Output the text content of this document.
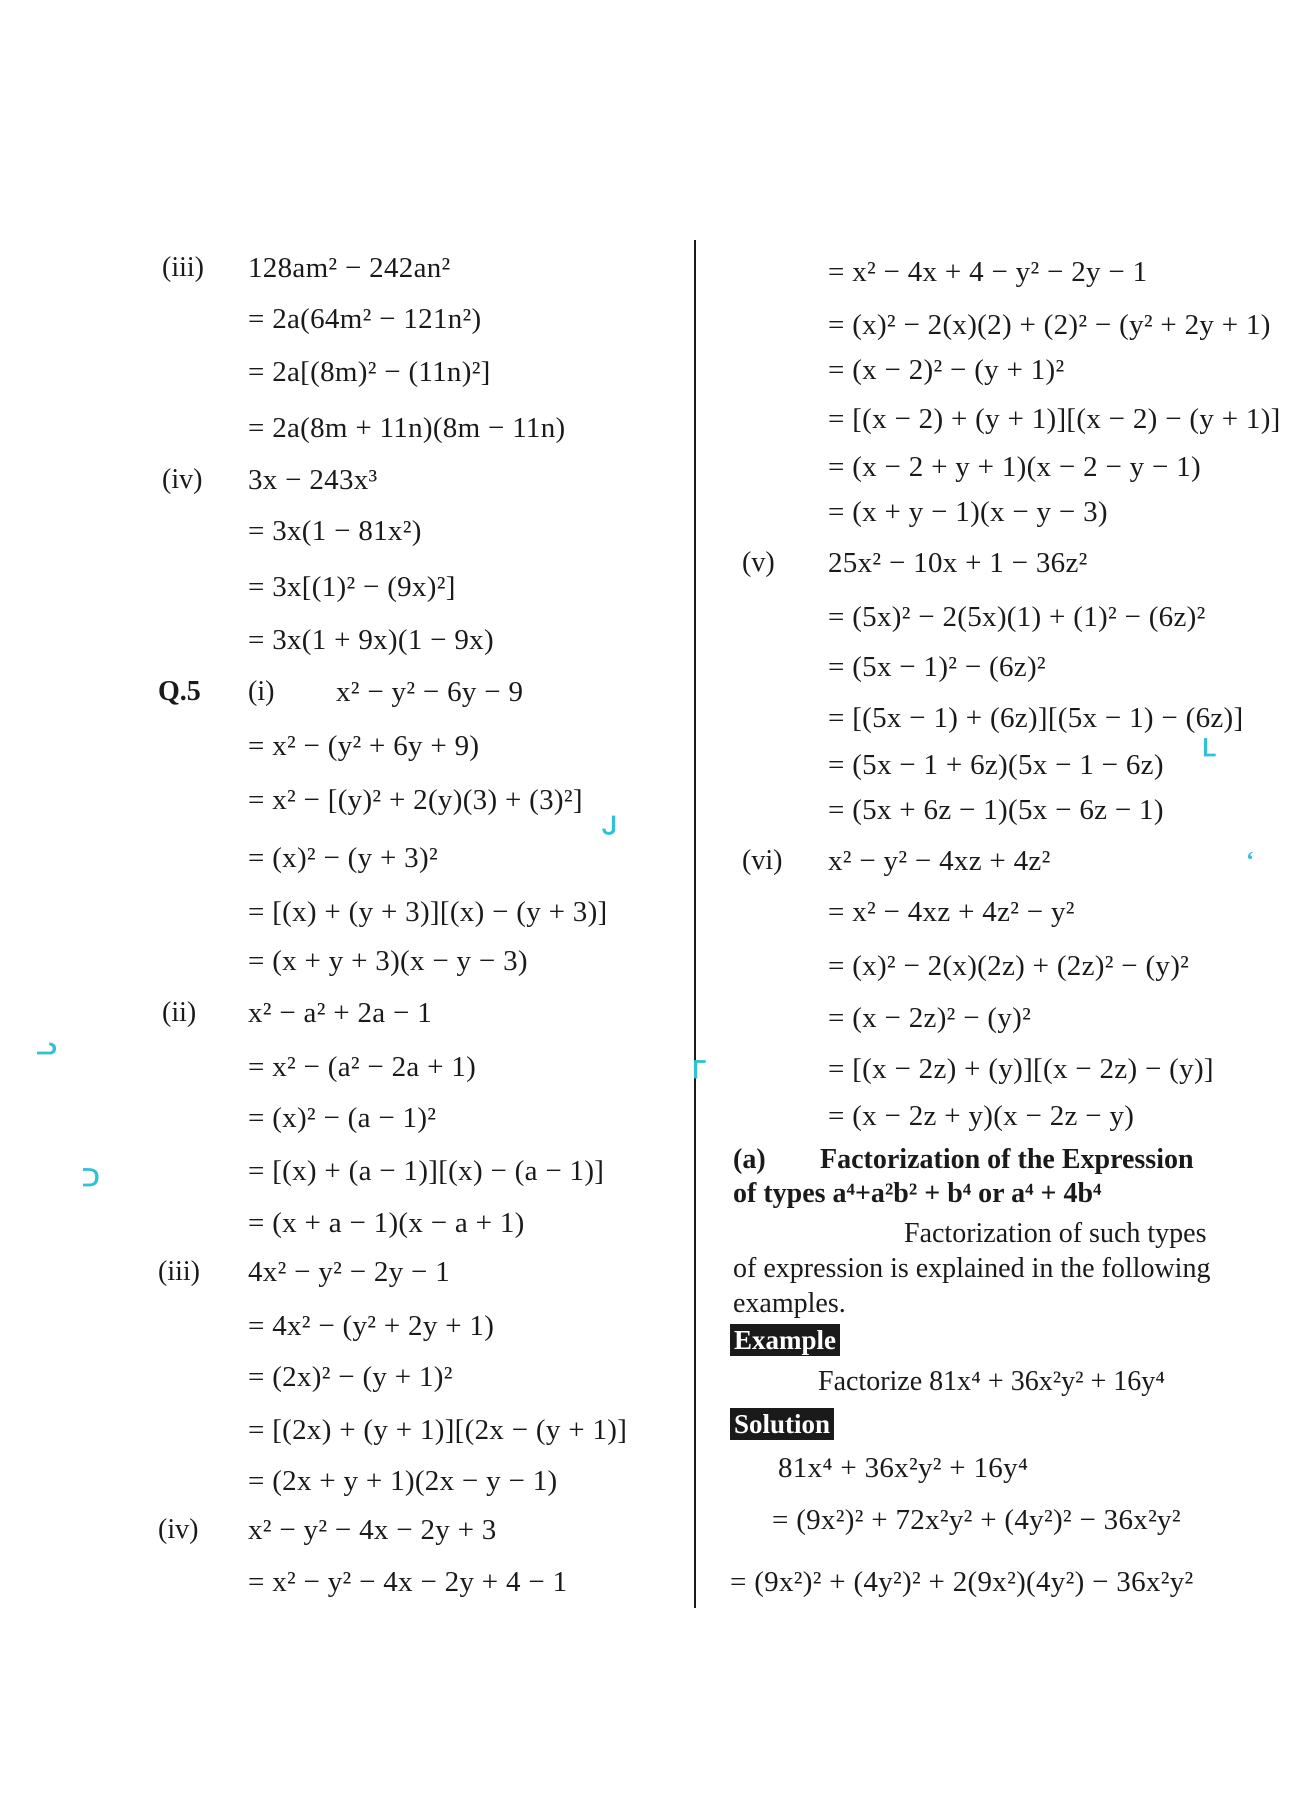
(iii) 128am² − 242an²
= 2a(64m² − 121n²)
= 2a[(8m)² − (11n)²]
= 2a(8m + 11n)(8m − 11n)
(iv) 3x − 243x³
= 3x(1 − 81x²)
= 3x[(1)² − (9x)²]
= 3x(1 + 9x)(1 − 9x)
Q.5 (i) x² − y² − 6y − 9
= x² − (y² + 6y + 9)
= x² − [(y)² + 2(y)(3) + (3)²]
= (x)² − (y + 3)²
= [(x) + (y + 3)][(x) − (y + 3)]
= (x + y + 3)(x − y − 3)
(ii) x² − a² + 2a − 1
= x² − (a² − 2a + 1)
= (x)² − (a − 1)²
= [(x) + (a − 1)][(x) − (a − 1)]
= (x + a − 1)(x − a + 1)
(iii) 4x² − y² − 2y − 1
= 4x² − (y² + 2y + 1)
= (2x)² − (y + 1)²
= [(2x) + (y + 1)][(2x − (y + 1)]
= (2x + y + 1)(2x − y − 1)
(iv) x² − y² − 4x − 2y + 3
= x² − y² − 4x − 2y + 4 − 1
= x² − 4x + 4 − y² − 2y − 1
= (x)² − 2(x)(2) + (2)² − (y² + 2y + 1)
= (x − 2)² − (y + 1)²
= [(x − 2) + (y + 1)][(x − 2) − (y + 1)]
= (x − 2 + y + 1)(x − 2 − y − 1)
= (x + y − 1)(x − y − 3)
(v) 25x² − 10x + 1 − 36z²
= (5x)² − 2(5x)(1) + (1)² − (6z)²
= (5x − 1)² − (6z)²
= [(5x − 1) + (6z)][(5x − 1) − (6z)]
= (5x − 1 + 6z)(5x − 1 − 6z)
= (5x + 6z − 1)(5x − 6z − 1)
(vi) x² − y² − 4xz + 4z²
= x² − 4xz + 4z² − y²
= (x)² − 2(x)(2z) + (2z)² − (y)²
= (x − 2z)² − (y)²
= [(x − 2z) + (y)][(x − 2z) − (y)]
= (x − 2z + y)(x − 2z − y)
(a) Factorization of the Expression
of types a⁴+a²b² + b⁴ or a⁴ + 4b⁴
Factorization of such types
of expression is explained in the following
examples.
Example
Factorize 81x⁴ + 36x²y² + 16y⁴
Solution
81x⁴ + 36x²y² + 16y⁴
= (9x²)² + 72x²y² + (4y²)² − 36x²y²
= (9x²)² + (4y²)² + 2(9x²)(4y²) − 36x²y²
ᒍ
ᓗ
ᑐ
ᒥ
ᒪ
ʻ
